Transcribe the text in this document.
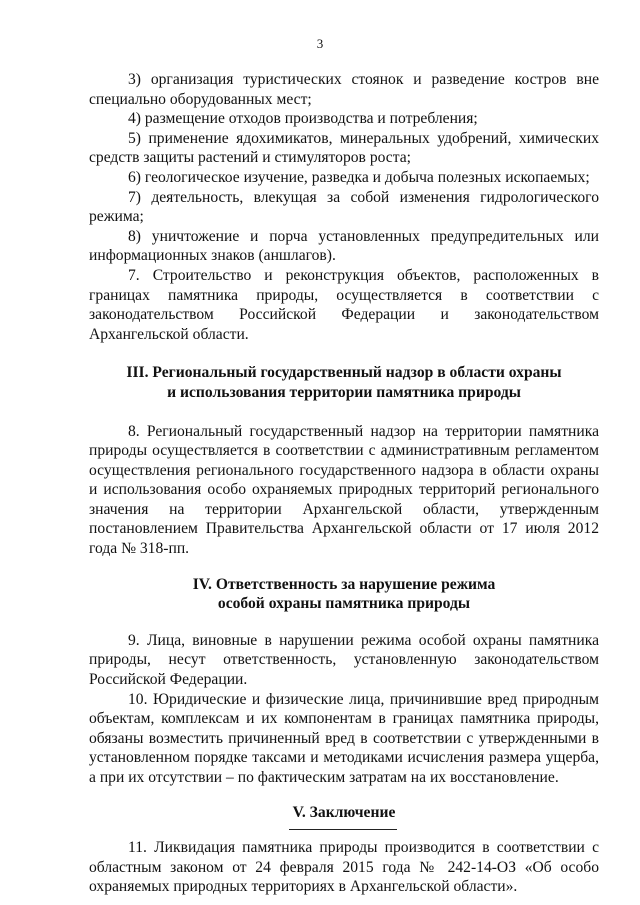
3

3) организация туристических стоянок и разведение костров вне специально оборудованных мест;

4) размещение отходов производства и потребления;

5) применение ядохимикатов, минеральных удобрений, химических средств защиты растений и стимуляторов роста;

6) геологическое изучение, разведка и добыча полезных ископаемых;

7) деятельность, влекущая за собой изменения гидрологического режима;

8) уничтожение и порча установленных предупредительных или информационных знаков (аншлагов).

7. Строительство и реконструкция объектов, расположенных в границах памятника природы, осуществляется в соответствии с законодательством Российской Федерации и законодательством Архангельской области.

III. Региональный государственный надзор в области охраны
и использования территории памятника природы

8. Региональный государственный надзор на территории памятника природы осуществляется в соответствии с административным регламентом осуществления регионального государственного надзора в области охраны и использования особо охраняемых природных территорий регионального значения на территории Архангельской области, утвержденным постановлением Правительства Архангельской области от 17 июля 2012 года № 318-пп.

IV. Ответственность за нарушение режима
особой охраны памятника природы

9. Лица, виновные в нарушении режима особой охраны памятника природы, несут ответственность, установленную законодательством Российской Федерации.

10. Юридические и физические лица, причинившие вред природным объектам, комплексам и их компонентам в границах памятника природы, обязаны возместить причиненный вред в соответствии с утвержденными в установленном порядке таксами и методиками исчисления размера ущерба, а при их отсутствии – по фактическим затратам на их восстановление.

V. Заключение

11. Ликвидация памятника природы производится в соответствии с областным законом от 24 февраля 2015 года № 242-14-ОЗ «Об особо охраняемых природных территориях в Архангельской области».
